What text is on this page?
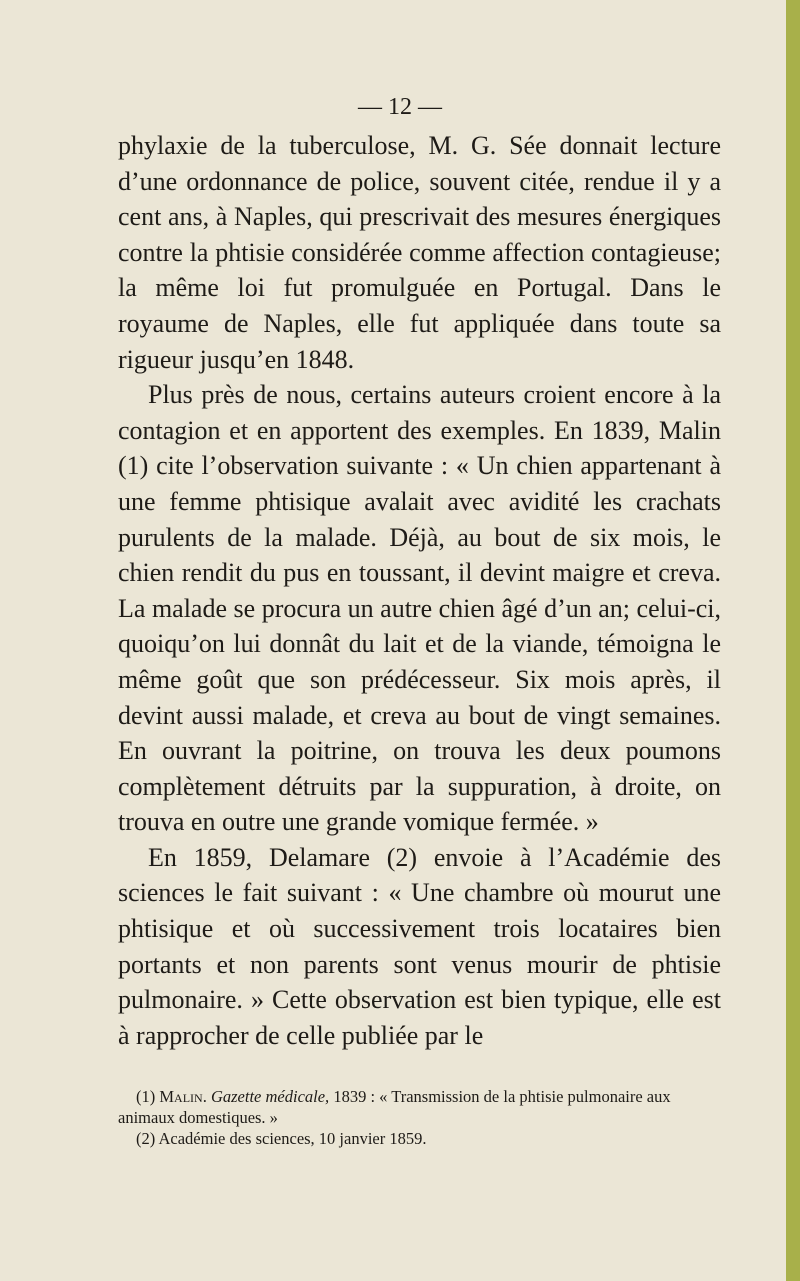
— 12 —

phylaxie de la tuberculose, M. G. Sée donnait lecture d’une ordonnance de police, souvent citée, rendue il y a cent ans, à Naples, qui prescrivait des mesures énergiques contre la phtisie considérée comme affection contagieuse; la même loi fut promulguée en Portugal. Dans le royaume de Naples, elle fut appliquée dans toute sa rigueur jusqu’en 1848.

Plus près de nous, certains auteurs croient encore à la contagion et en apportent des exemples. En 1839, Malin (1) cite l’observation suivante : « Un chien appartenant à une femme phtisique avalait avec avidité les crachats purulents de la malade. Déjà, au bout de six mois, le chien rendit du pus en toussant, il devint maigre et creva. La malade se procura un autre chien âgé d’un an; celui-ci, quoiqu’on lui donnât du lait et de la viande, témoigna le même goût que son prédécesseur. Six mois après, il devint aussi malade, et creva au bout de vingt semaines. En ouvrant la poitrine, on trouva les deux poumons complètement détruits par la suppuration, à droite, on trouva en outre une grande vomique fermée. »

En 1859, Delamare (2) envoie à l’Académie des sciences le fait suivant : « Une chambre où mourut une phtisique et où successivement trois locataires bien portants et non parents sont venus mourir de phtisie pulmonaire. » Cette observation est bien typique, elle est à rapprocher de celle publiée par le

(1) Malin. Gazette médicale, 1839 : « Transmission de la phtisie pulmonaire aux animaux domestiques. »

(2) Académie des sciences, 10 janvier 1859.
